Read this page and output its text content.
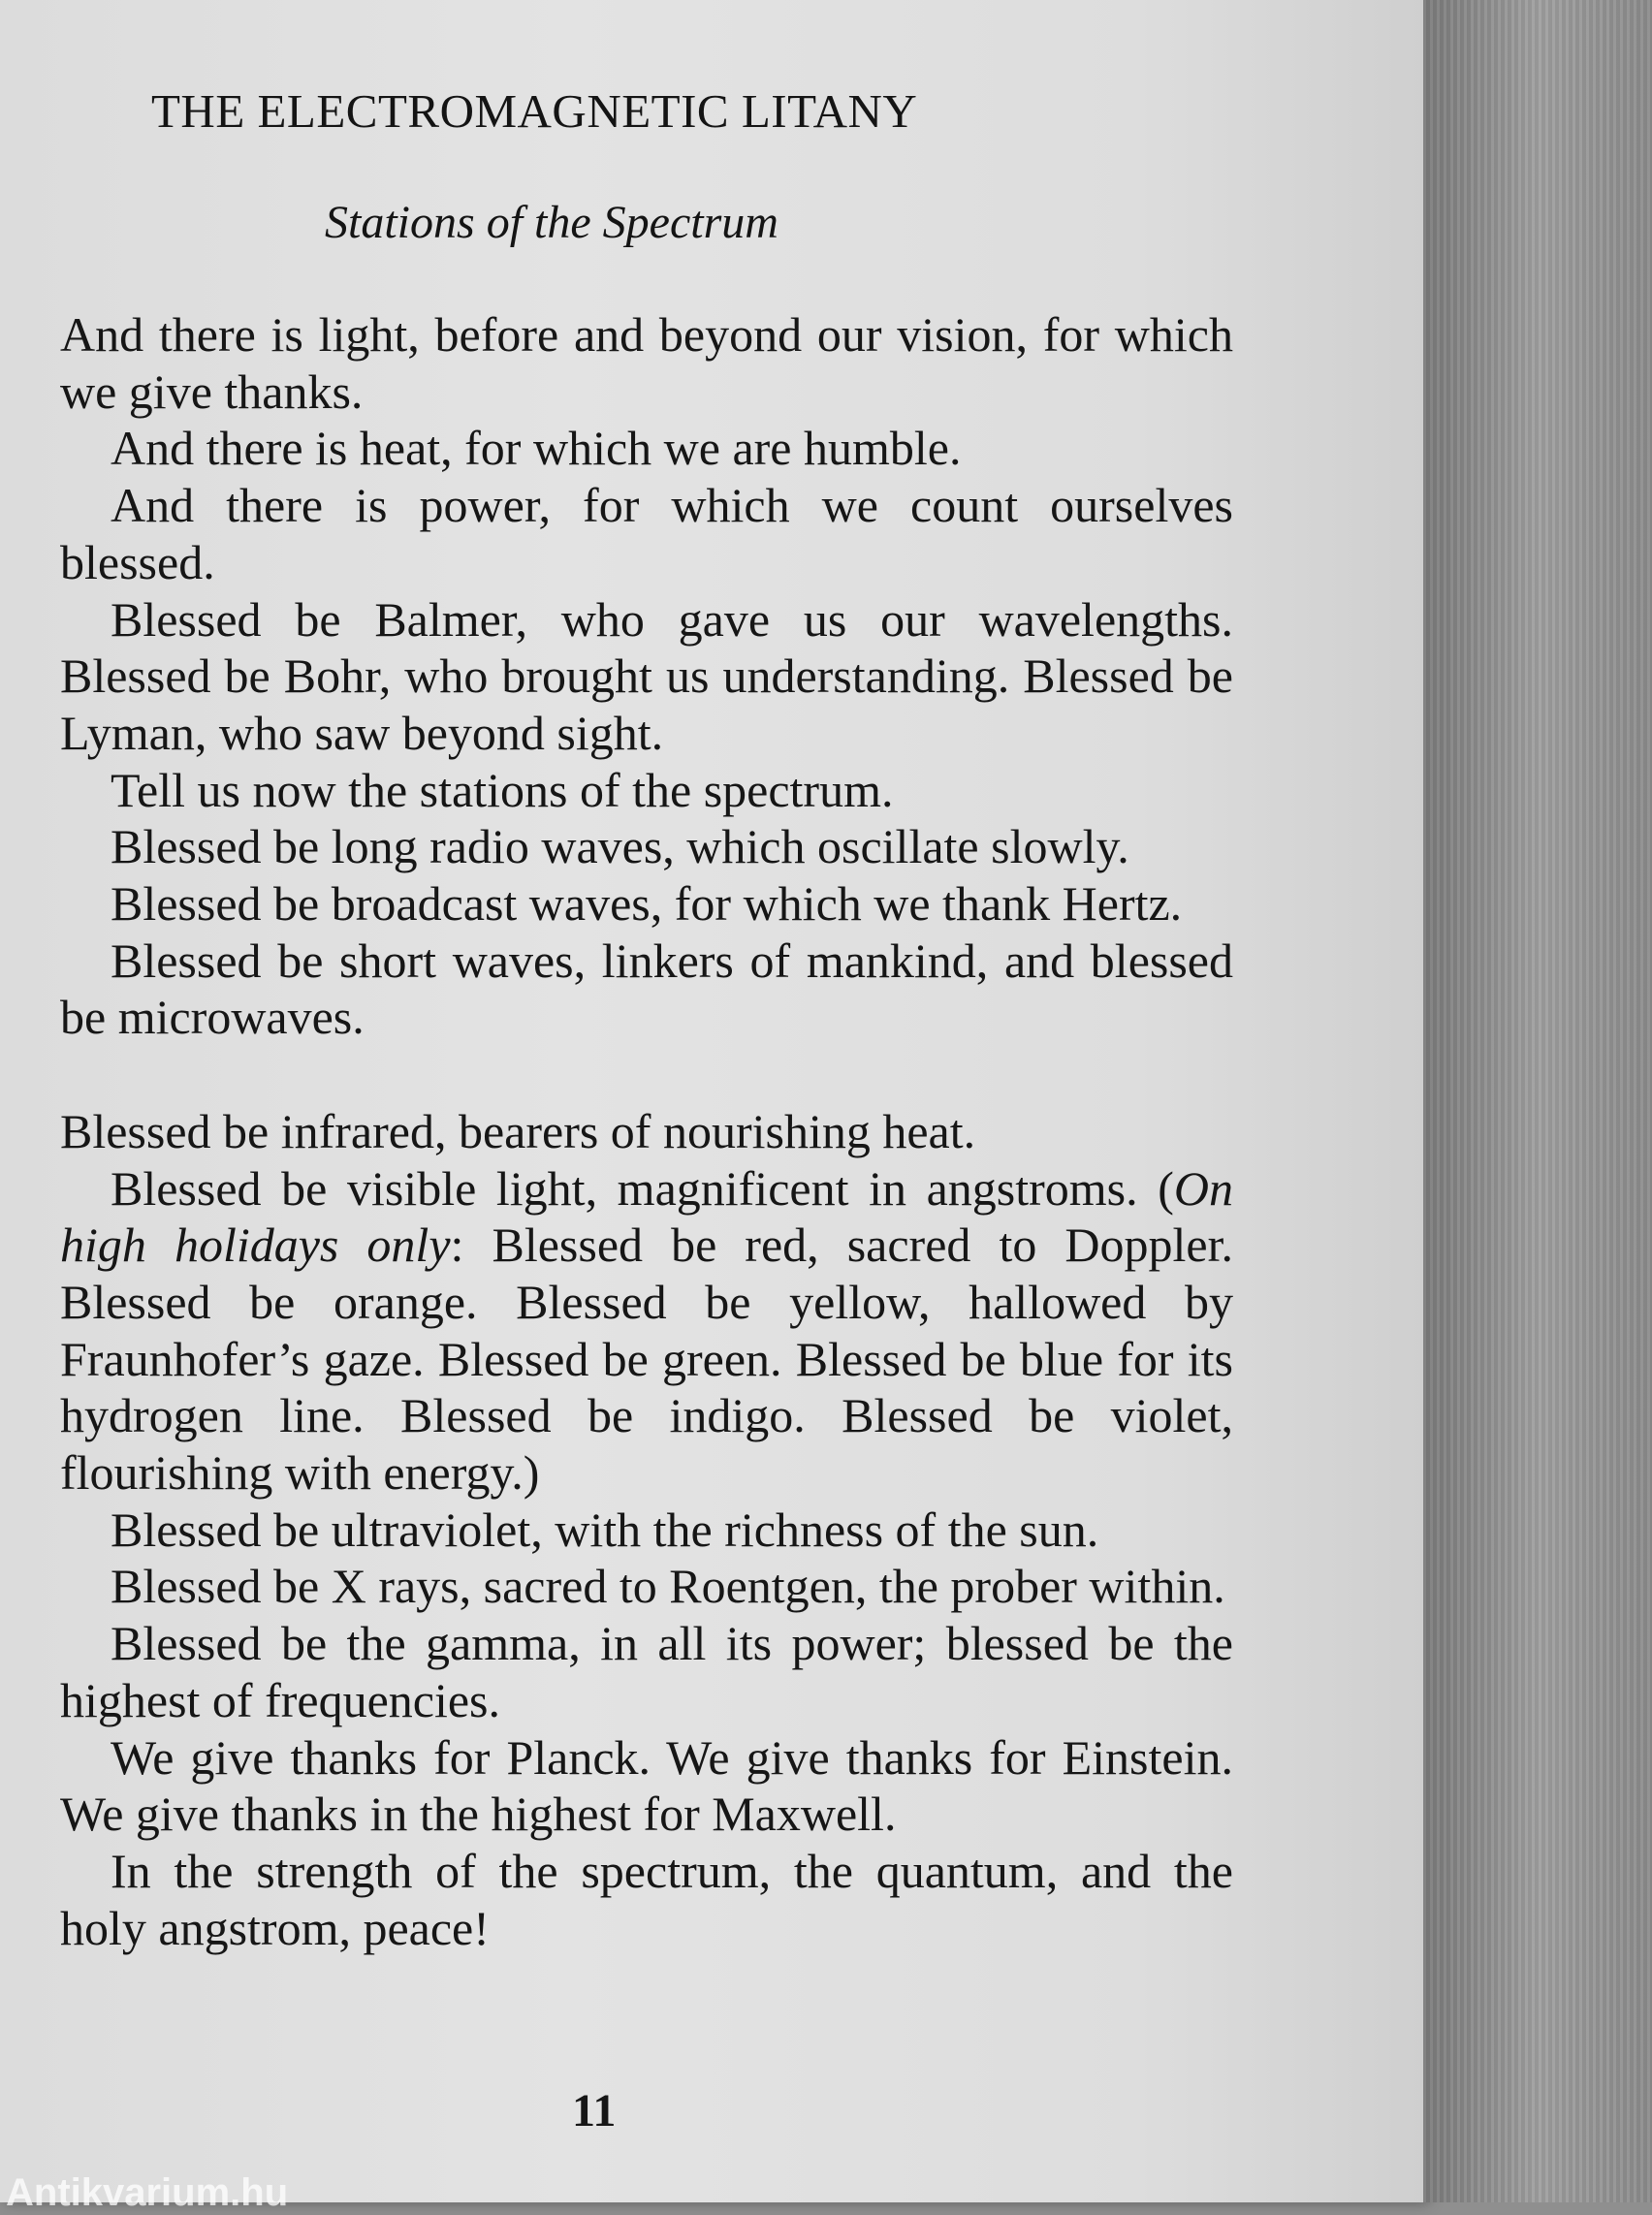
THE ELECTROMAGNETIC LITANY
Stations of the Spectrum

And there is light, before and beyond our vision, for which we give thanks.

And there is heat, for which we are humble.

And there is power, for which we count ourselves blessed.

Blessed be Balmer, who gave us our wavelengths. Blessed be Bohr, who brought us understanding. Blessed be Lyman, who saw beyond sight.

Tell us now the stations of the spectrum.

Blessed be long radio waves, which oscillate slowly.

Blessed be broadcast waves, for which we thank Hertz.

Blessed be short waves, linkers of mankind, and blessed be microwaves.

Blessed be infrared, bearers of nourishing heat.

Blessed be visible light, magnificent in angstroms. (On high holidays only: Blessed be red, sacred to Doppler. Blessed be orange. Blessed be yellow, hallowed by Fraunhofer’s gaze. Blessed be green. Blessed be blue for its hydrogen line. Blessed be indigo. Blessed be violet, flourishing with energy.)

Blessed be ultraviolet, with the richness of the sun.

Blessed be X rays, sacred to Roentgen, the prober within.

Blessed be the gamma, in all its power; blessed be the highest of frequencies.

We give thanks for Planck. We give thanks for Einstein. We give thanks in the highest for Maxwell.

In the strength of the spectrum, the quantum, and the holy angstrom, peace!

11

Antikvarium.hu
